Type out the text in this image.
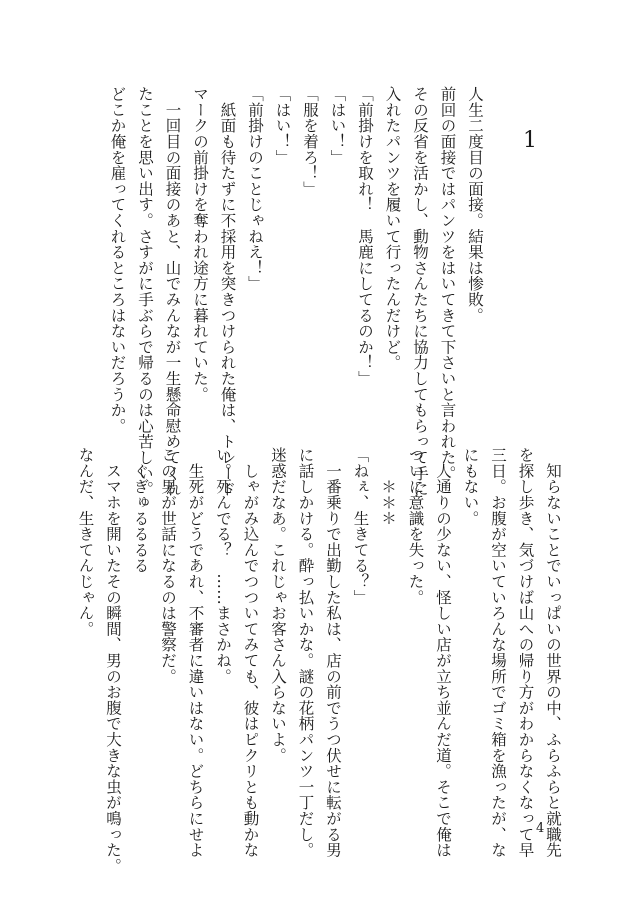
1
人生二度目の面接。結果は惨敗。
前回の面接ではパンツをはいてきて下さいと言われた。
その反省を活かし、動物さんたちに協力してもらって手に
入れたパンツを履いて行ったんだけど。
「前掛けを取れ！　馬鹿にしてるのか！」
「はい！」
「服を着ろ！」
「はい！」
「前掛けのことじゃねえ！」
　紙面も待たずに不採用を突きつけられた俺は、トレード
マークの前掛けを奪われ途方に暮れていた。
　一回目の面接のあと、山でみんなが一生懸命慰めてくれ
たことを思い出す。さすがに手ぶらで帰るのは心苦しい。
どこか俺を雇ってくれるところはないだろうか。
　知らないことでいっぱいの世界の中、ふらふらと就職先
を探し歩き、気づけば山への帰り方がわからなくなって早
三日。お腹が空いていろんな場所でゴミ箱を漁ったが、な
にもない。
　人通りの少ない、怪しい店が立ち並んだ道。そこで俺は
ついに意識を失った。
　　＊＊＊
「ねぇ、生きてる？」
　一番乗りで出勤した私は、店の前でうつ伏せに転がる男
に話しかける。酔っ払いかな。謎の花柄パンツ一丁だし。
迷惑だなあ。これじゃお客さん入らないよ。
　しゃがみ込んでつついてみても、彼はピクリとも動かな
い。死んでる？　……まさかね。
　生死がどうであれ、不審者に違いはない。どちらにせよ
この男が世話になるのは警察だ。
　ぐぎゅるるるる
　スマホを開いたその瞬間、男のお腹で大きな虫が鳴った。
なんだ、生きてんじゃん。
4
